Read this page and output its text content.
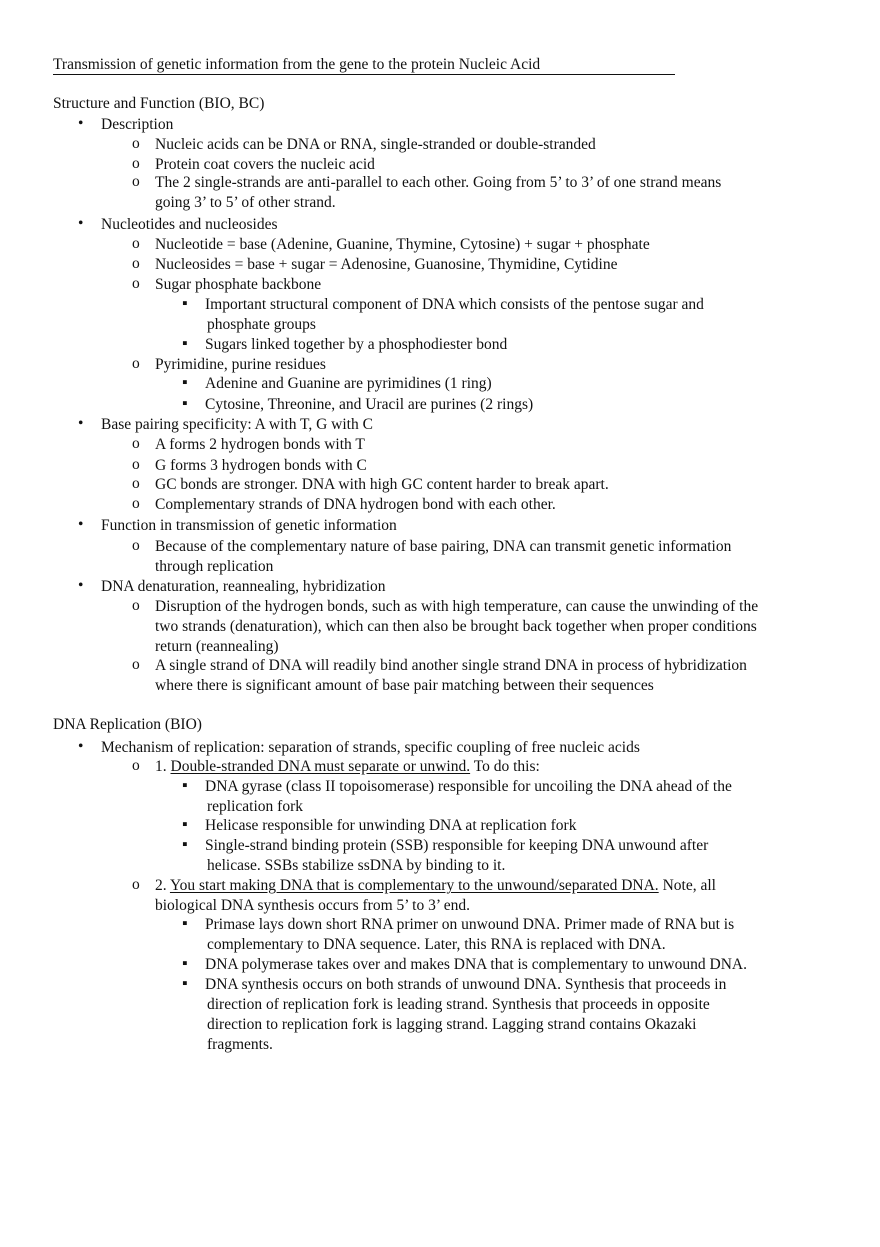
Transmission of genetic information from the gene to the protein Nucleic Acid
Structure and Function (BIO, BC)
• Description
o Nucleic acids can be DNA or RNA, single-stranded or double-stranded
o Protein coat covers the nucleic acid
o The 2 single-strands are anti-parallel to each other. Going from 5’ to 3’ of one strand means
going 3’ to 5’ of other strand.
• Nucleotides and nucleosides
o Nucleotide = base (Adenine, Guanine, Thymine, Cytosine) + sugar + phosphate
o Nucleosides = base + sugar = Adenosine, Guanosine, Thymidine, Cytidine
o Sugar phosphate backbone
▪ Important structural component of DNA which consists of the pentose sugar and
phosphate groups
▪ Sugars linked together by a phosphodiester bond
o Pyrimidine, purine residues
▪ Adenine and Guanine are pyrimidines (1 ring)
▪ Cytosine, Threonine, and Uracil are purines (2 rings)
• Base pairing specificity: A with T, G with C
o A forms 2 hydrogen bonds with T
o G forms 3 hydrogen bonds with C
o GC bonds are stronger. DNA with high GC content harder to break apart.
o Complementary strands of DNA hydrogen bond with each other.
• Function in transmission of genetic information
o Because of the complementary nature of base pairing, DNA can transmit genetic information
through replication
• DNA denaturation, reannealing, hybridization
o Disruption of the hydrogen bonds, such as with high temperature, can cause the unwinding of the
two strands (denaturation), which can then also be brought back together when proper conditions
return (reannealing)
o A single strand of DNA will readily bind another single strand DNA in process of hybridization
where there is significant amount of base pair matching between their sequences
DNA Replication (BIO)
• Mechanism of replication: separation of strands, specific coupling of free nucleic acids
o 1. Double-stranded DNA must separate or unwind. To do this:
▪ DNA gyrase (class II topoisomerase) responsible for uncoiling the DNA ahead of the
replication fork
▪ Helicase responsible for unwinding DNA at replication fork
▪ Single-strand binding protein (SSB) responsible for keeping DNA unwound after
helicase. SSBs stabilize ssDNA by binding to it.
o 2. You start making DNA that is complementary to the unwound/separated DNA. Note, all
biological DNA synthesis occurs from 5’ to 3’ end.
▪ Primase lays down short RNA primer on unwound DNA. Primer made of RNA but is
complementary to DNA sequence. Later, this RNA is replaced with DNA.
▪ DNA polymerase takes over and makes DNA that is complementary to unwound DNA.
▪ DNA synthesis occurs on both strands of unwound DNA. Synthesis that proceeds in
direction of replication fork is leading strand. Synthesis that proceeds in opposite
direction to replication fork is lagging strand. Lagging strand contains Okazaki
fragments.
